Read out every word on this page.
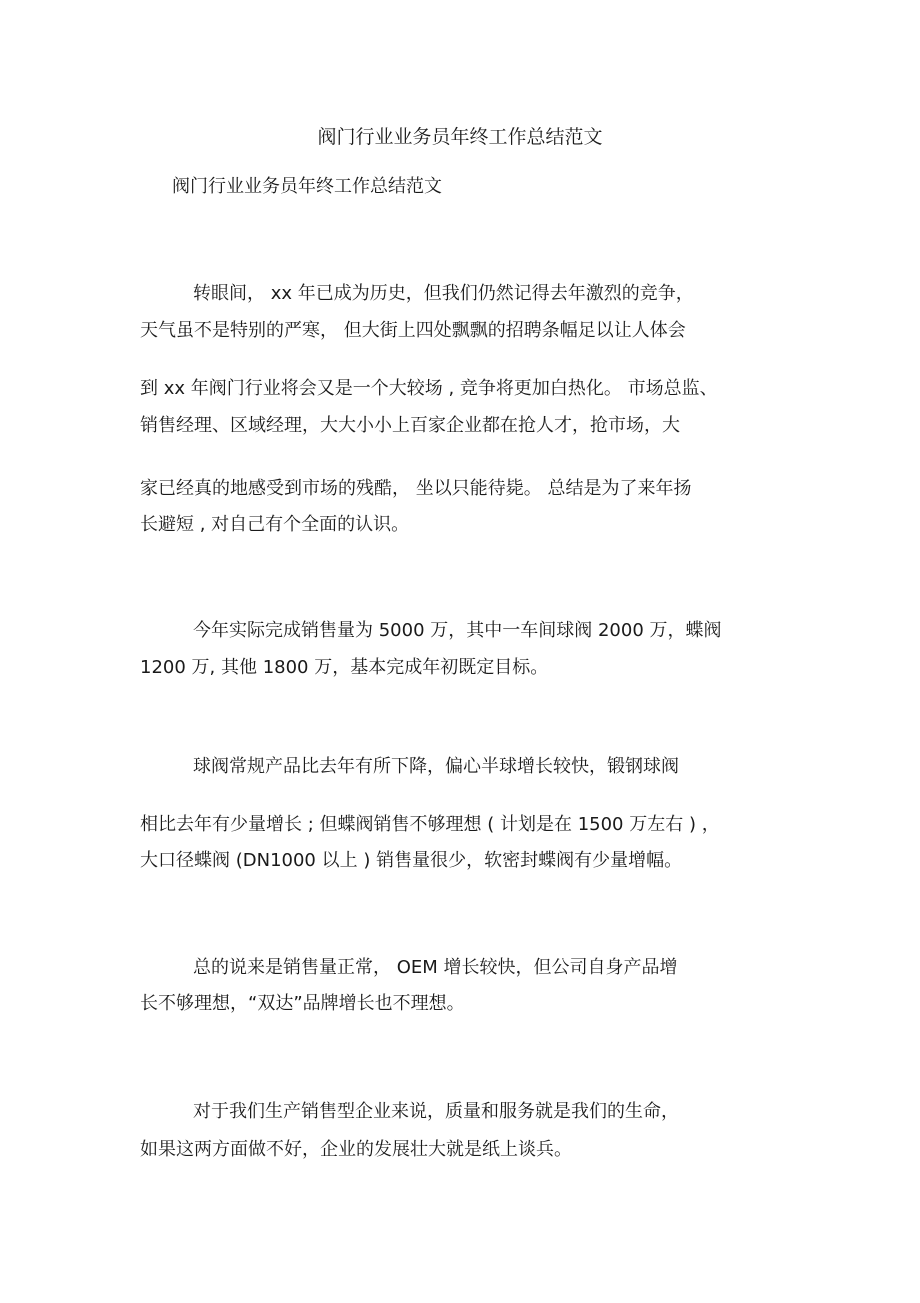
阀门行业业务员年终工作总结范文

阀门行业业务员年终工作总结范文

转眼间， xx 年已成为历史，但我们仍然记得去年激烈的竞争，

天气虽不是特别的严寒， 但大街上四处飘飘的招聘条幅足以让人体会

到 xx 年阀门行业将会又是一个大较场 , 竞争将更加白热化。 市场总监、

销售经理、区域经理，大大小小上百家企业都在抢人才，抢市场，大

家已经真的地感受到市场的残酷， 坐以只能待毙。 总结是为了来年扬

长避短 , 对自己有个全面的认识。

今年实际完成销售量为 5000 万，其中一车间球阀 2000 万，蝶阀

1200 万, 其他 1800 万，基本完成年初既定目标。

球阀常规产品比去年有所下降，偏心半球增长较快，锻钢球阀

相比去年有少量增长 ; 但蝶阀销售不够理想 ( 计划是在 1500 万左右 ) ，

大口径蝶阀 (DN1000 以上 ) 销售量很少，软密封蝶阀有少量增幅。

总的说来是销售量正常， OEM 增长较快，但公司自身产品增

长不够理想，“双达”品牌增长也不理想。

对于我们生产销售型企业来说，质量和服务就是我们的生命，

如果这两方面做不好，企业的发展壮大就是纸上谈兵。
